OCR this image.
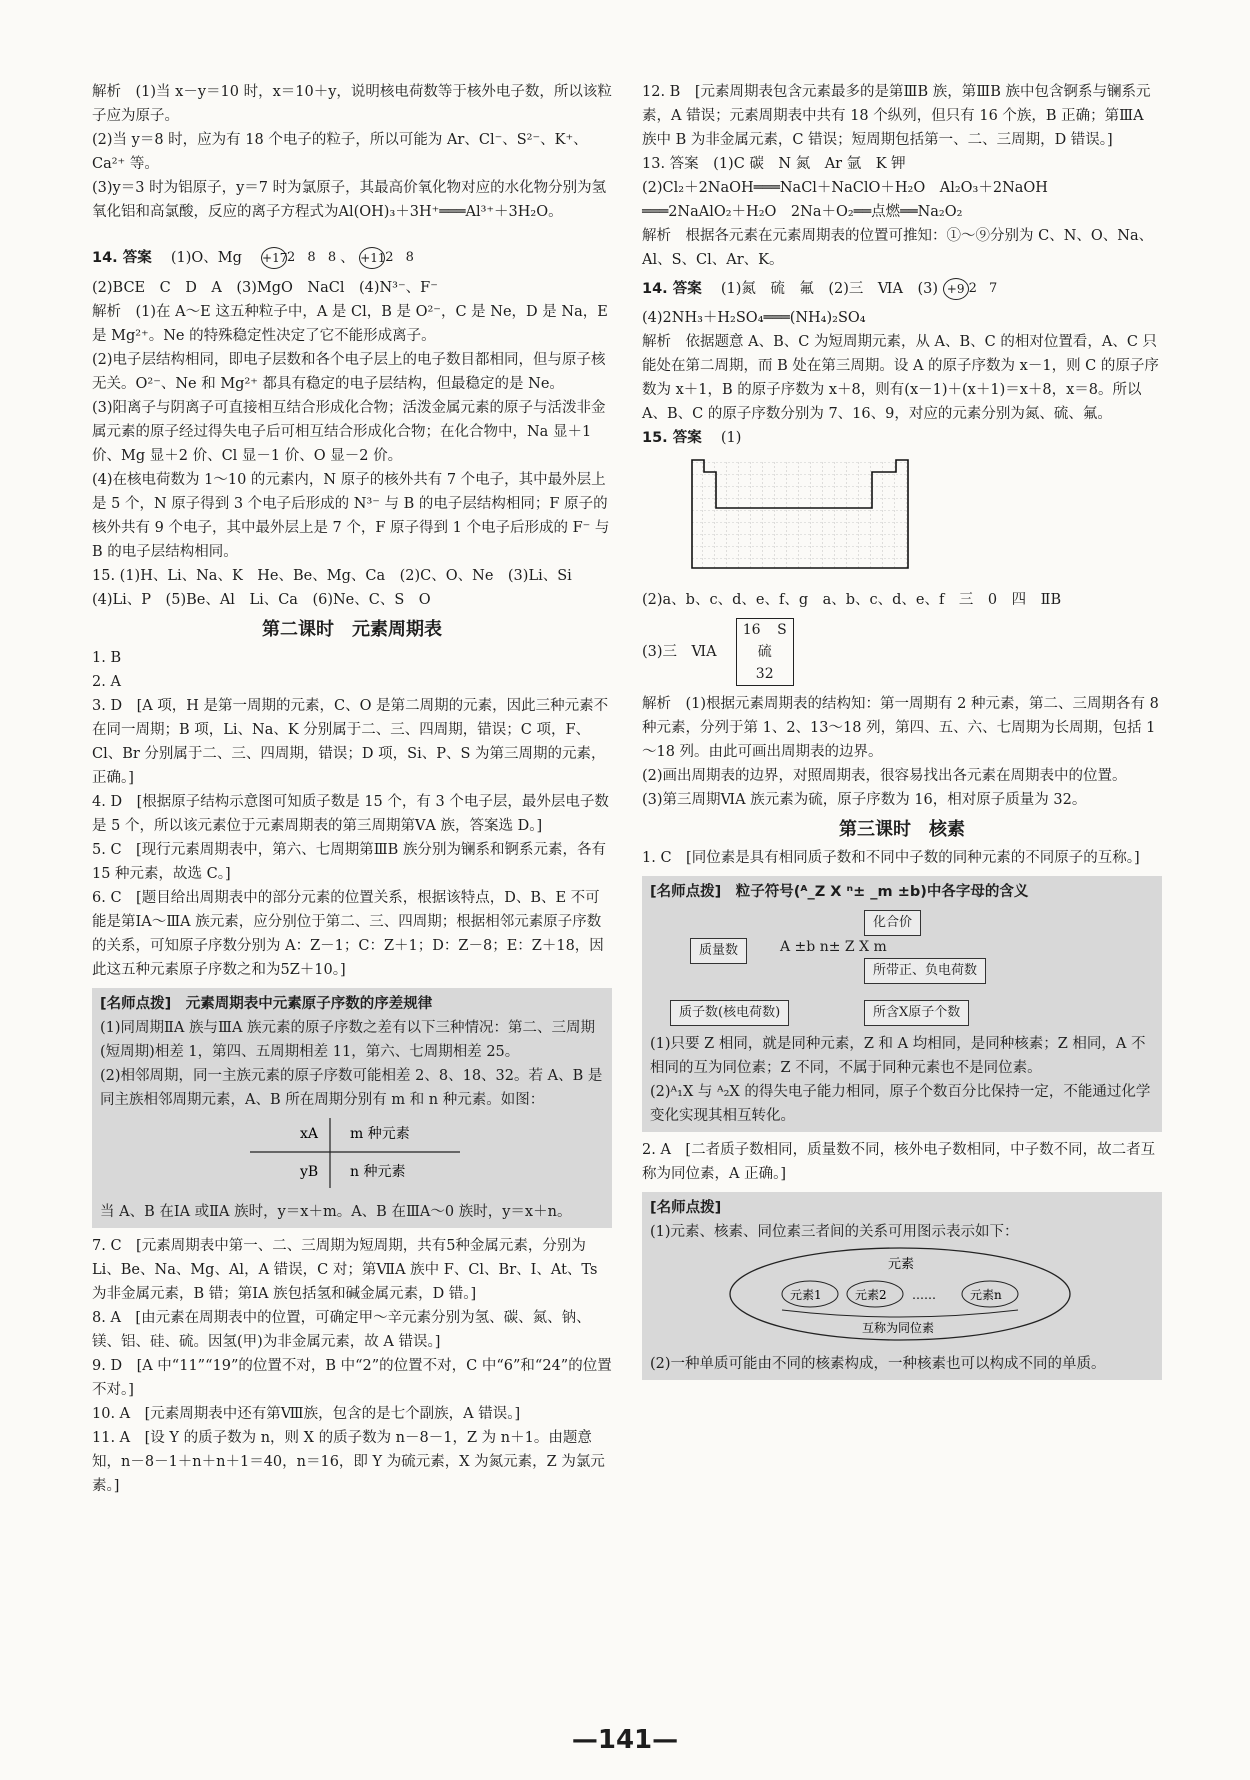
解析　(1)当 x－y＝10 时，x＝10＋y，说明核电荷数等于核外电子数，所以该粒子应为原子。

(2)当 y＝8 时，应为有 18 个电子的粒子，所以可能为 Ar、Cl⁻、S²⁻、K⁺、Ca²⁺ 等。

(3)y＝3 时为铝原子，y＝7 时为氯原子，其最高价氧化物对应的水化物分别为氢氧化铝和高氯酸，反应的离子方程式为Al(OH)₃＋3H⁺═══Al³⁺＋3H₂O。

14. 答案　 (1)O、Mg　 +172 8 8、 +112 8

(2)BCE　C　D　A　(3)MgO　NaCl　(4)N³⁻、F⁻

解析　(1)在 A～E 这五种粒子中，A 是 Cl，B 是 O²⁻，C 是 Ne，D 是 Na，E 是 Mg²⁺。Ne 的特殊稳定性决定了它不能形成离子。

(2)电子层结构相同，即电子层数和各个电子层上的电子数目都相同，但与原子核无关。O²⁻、Ne 和 Mg²⁺ 都具有稳定的电子层结构，但最稳定的是 Ne。

(3)阳离子与阴离子可直接相互结合形成化合物；活泼金属元素的原子与活泼非金属元素的原子经过得失电子后可相互结合形成化合物；在化合物中，Na 显＋1 价、Mg 显＋2 价、Cl 显－1 价、O 显－2 价。

(4)在核电荷数为 1～10 的元素内，N 原子的核外共有 7 个电子，其中最外层上是 5 个，N 原子得到 3 个电子后形成的 N³⁻ 与 B 的电子层结构相同；F 原子的核外共有 9 个电子，其中最外层上是 7 个，F 原子得到 1 个电子后形成的 F⁻ 与 B 的电子层结构相同。

15. (1)H、Li、Na、K　He、Be、Mg、Ca　(2)C、O、Ne　(3)Li、Si

(4)Li、P　(5)Be、Al　Li、Ca　(6)Ne、C、S　O

第二课时　元素周期表

1. B

2. A

3. D　[A 项，H 是第一周期的元素，C、O 是第二周期的元素，因此三种元素不在同一周期；B 项，Li、Na、K 分别属于二、三、四周期，错误；C 项，F、Cl、Br 分别属于二、三、四周期，错误；D 项，Si、P、S 为第三周期的元素，正确。]

4. D　[根据原子结构示意图可知质子数是 15 个，有 3 个电子层，最外层电子数是 5 个，所以该元素位于元素周期表的第三周期第ⅤA 族，答案选 D。]

5. C　[现行元素周期表中，第六、七周期第ⅢB 族分别为镧系和锕系元素，各有 15 种元素，故选 C。]

6. C　[题目给出周期表中的部分元素的位置关系，根据该特点，D、B、E 不可能是第ⅠA～ⅢA 族元素，应分别位于第二、三、四周期；根据相邻元素原子序数的关系，可知原子序数分别为 A：Z－1；C：Z＋1；D：Z－8；E：Z＋18，因此这五种元素原子序数之和为5Z＋10。]

[名师点拨]　元素周期表中元素原子序数的序差规律

(1)同周期ⅡA 族与ⅢA 族元素的原子序数之差有以下三种情况：第二、三周期(短周期)相差 1，第四、五周期相差 11，第六、七周期相差 25。

(2)相邻周期，同一主族元素的原子序数可能相差 2、8、18、32。若 A、B 是同主族相邻周期元素，A、B 所在周期分别有 m 和 n 种元素。如图：

xA m 种元素
yB n 种元素

当 A、B 在ⅠA 或ⅡA 族时，y＝x＋m。A、B 在ⅢA～0 族时，y＝x＋n。

7. C　[元素周期表中第一、二、三周期为短周期，共有5种金属元素，分别为 Li、Be、Na、Mg、Al，A 错误，C 对；第ⅦA 族中 F、Cl、Br、I、At、Ts 为非金属元素，B 错；第ⅠA 族包括氢和碱金属元素，D 错。]

8. A　[由元素在周期表中的位置，可确定甲～辛元素分别为氢、碳、氮、钠、镁、铝、硅、硫。因氢(甲)为非金属元素，故 A 错误。]

9. D　[A 中“11”“19”的位置不对，B 中“2”的位置不对，C 中“6”和“24”的位置不对。]

10. A　[元素周期表中还有第Ⅷ族，包含的是七个副族，A 错误。]

11. A　[设 Y 的质子数为 n，则 X 的质子数为 n－8－1，Z 为 n＋1。由题意知，n－8－1＋n＋n＋1＝40，n＝16，即 Y 为硫元素，X 为氮元素，Z 为氯元素。]

12. B　[元素周期表包含元素最多的是第ⅢB 族，第ⅢB 族中包含锕系与镧系元素，A 错误；元素周期表中共有 18 个纵列，但只有 16 个族，B 正确；第ⅢA 族中 B 为非金属元素，C 错误；短周期包括第一、二、三周期，D 错误。]

13. 答案　(1)C 碳　N 氮　Ar 氩　K 钾

(2)Cl₂＋2NaOH═══NaCl＋NaClO＋H₂O　Al₂O₃＋2NaOH

═══2NaAlO₂＋H₂O　2Na＋O₂══点燃══Na₂O₂

解析　根据各元素在元素周期表的位置可推知：①～⑨分别为 C、N、O、Na、Al、S、Cl、Ar、K。

14. 答案　 (1)氮　硫　氟　(2)三　ⅥA　(3) +9 2 7

(4)2NH₃＋H₂SO₄═══(NH₄)₂SO₄

解析　依据题意 A、B、C 为短周期元素，从 A、B、C 的相对位置看，A、C 只能处在第二周期，而 B 处在第三周期。设 A 的原子序数为 x－1，则 C 的原子序数为 x＋1，B 的原子序数为 x＋8，则有(x－1)＋(x＋1)＝x＋8，x＝8。所以 A、B、C 的原子序数分别为 7、16、9，对应的元素分别为氮、硫、氟。

15. 答案　 (1)

(2)a、b、c、d、e、f、g　a、b、c、d、e、f　三　0　四　ⅡB

(3)三　ⅥA　
16 S
硫
32

解析　(1)根据元素周期表的结构知：第一周期有 2 种元素，第二、三周期各有 8 种元素，分列于第 1、2、13～18 列，第四、五、六、七周期为长周期，包括 1～18 列。由此可画出周期表的边界。

(2)画出周期表的边界，对照周期表，很容易找出各元素在周期表中的位置。

(3)第三周期ⅥA 族元素为硫，原子序数为 16，相对原子质量为 32。

第三课时　核素

1. C　[同位素是具有相同质子数和不同中子数的同种元素的不同原子的互称。]

[名师点拨]　粒子符号(ᴬ_Z X ⁿ± _m ±b)中各字母的含义

化合价
质量数	A ±b n± Z X m
所带正、负电荷数
质子数(核电荷数)	所含X原子个数

(1)只要 Z 相同，就是同种元素，Z 和 A 均相同，是同种核素；Z 相同，A 不相同的互为同位素；Z 不同，不属于同种元素也不是同位素。

(2)ᴬ₁X 与 ᴬ₂X 的得失电子能力相同，原子个数百分比保持一定，不能通过化学变化实现其相互转化。

2. A　[二者质子数相同，质量数不同，核外电子数相同，中子数不同，故二者互称为同位素，A 正确。]

[名师点拨]

(1)元素、核素、同位素三者间的关系可用图示表示如下：

元素
元素1	元素2 ……	元素n
互称为同位素

(2)一种单质可能由不同的核素构成，一种核素也可以构成不同的单质。

—141—
